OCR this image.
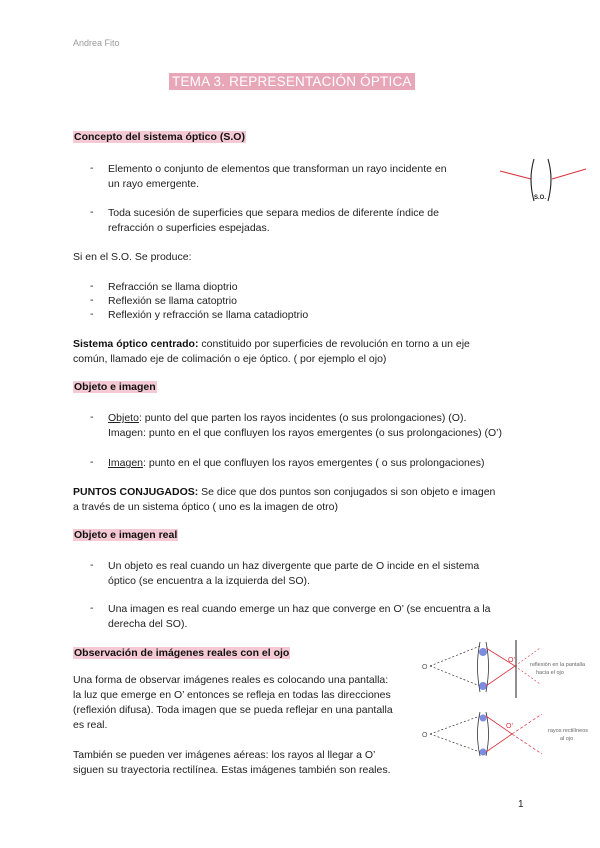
Andrea Fito
TEMA 3. REPRESENTACIÓN ÓPTICA
Concepto del sistema óptico (S.O)
- Elemento o conjunto de elementos que transforman un rayo incidente en
un rayo emergente.
- Toda sucesión de superficies que separa medios de diferente índice de
refracción o superficies espejadas.
Si en el S.O. Se produce:
- Refracción se llama dioptrio
- Reflexión se llama catoptrio
- Reflexión y refracción se llama catadioptrio
Sistema óptico centrado: constituido por superficies de revolución en torno a un eje
común, llamado eje de colimación o eje óptico. ( por ejemplo el ojo)
S.O.
Objeto e imagen
- Objeto: punto del que parten los rayos incidentes (o sus prolongaciones) (O).
Imagen: punto en el que confluyen los rayos emergentes (o sus prolongaciones) (O’)
- Imagen: punto en el que confluyen los rayos emergentes ( o sus prolongaciones)
PUNTOS CONJUGADOS: Se dice que dos puntos son conjugados si son objeto e imagen
a través de un sistema óptico ( uno es la imagen de otro)
Objeto e imagen real
- Un objeto es real cuando un haz divergente que parte de O incide en el sistema
óptico (se encuentra a la izquierda del SO).
- Una imagen es real cuando emerge un haz que converge en O’ (se encuentra a la
derecha del SO).
Observación de imágenes reales con el ojo
Una forma de observar imágenes reales es colocando una pantalla:
la luz que emerge en O’ entonces se refleja en todas las direcciones
(reflexión difusa). Toda imagen que se pueda reflejar en una pantalla
es real.
También se pueden ver imágenes aéreas: los rayos al llegar a O’
siguen su trayectoria rectilínea. Estas imágenes también son reales.
O
O’
reflexión en la pantalla
hacia el ojo
O
O’
rayos rectilíneos
al ojo
1
